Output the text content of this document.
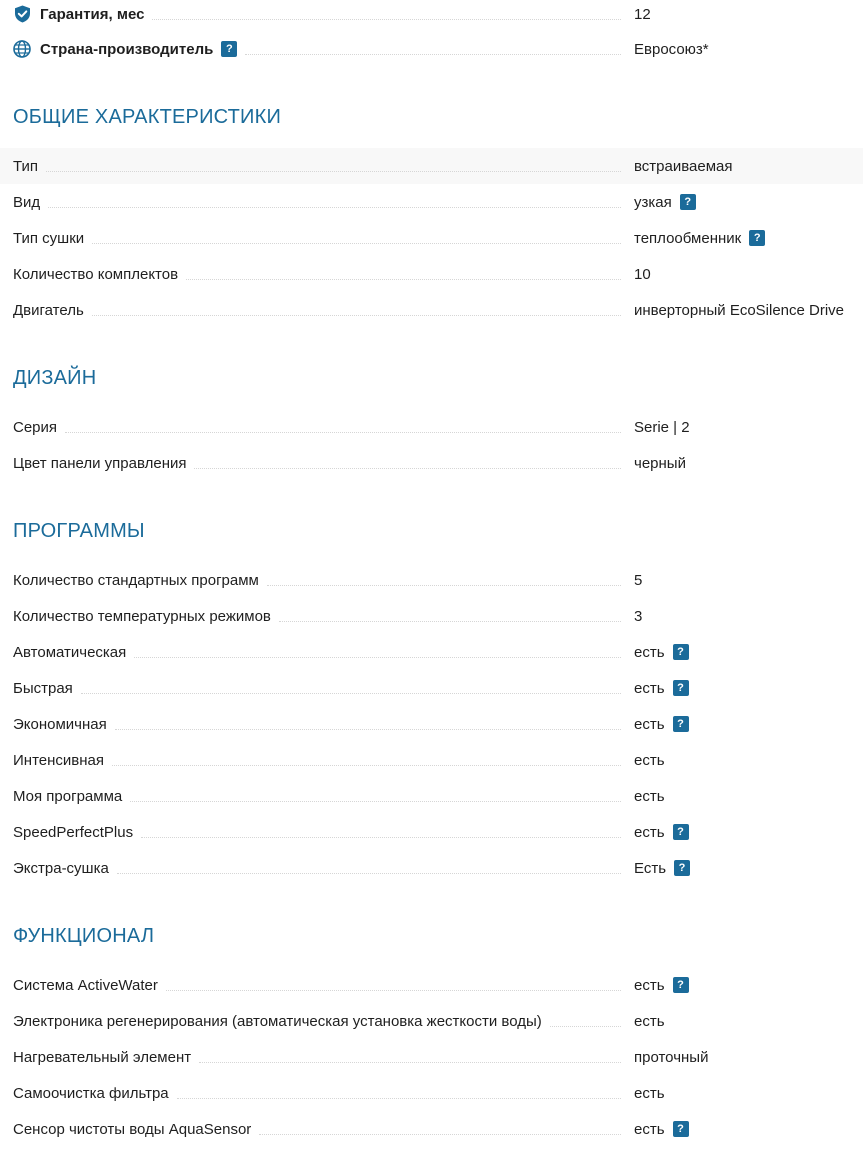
Гарантия, мес	12
Страна-производитель	?	Евросоюз*
ОБЩИЕ ХАРАКТЕРИСТИКИ
Тип	встраиваемая
Вид	узкая	?
Тип сушки	теплообменник	?
Количество комплектов	10
Двигатель	инверторный EcoSilence Drive
ДИЗАЙН
Серия	Serie | 2
Цвет панели управления	черный
ПРОГРАММЫ
Количество стандартных программ	5
Количество температурных режимов	3
Автоматическая	есть	?
Быстрая	есть	?
Экономичная	есть	?
Интенсивная	есть
Моя программа	есть
SpeedPerfectPlus	есть	?
Экстра-сушка	Есть	?
ФУНКЦИОНАЛ
Система ActiveWater	есть	?
Электроника регенерирования (автоматическая установка жесткости воды)	есть
Нагревательный элемент	проточный
Самоочистка фильтра	есть
Сенсор чистоты воды AquaSensor	есть	?
